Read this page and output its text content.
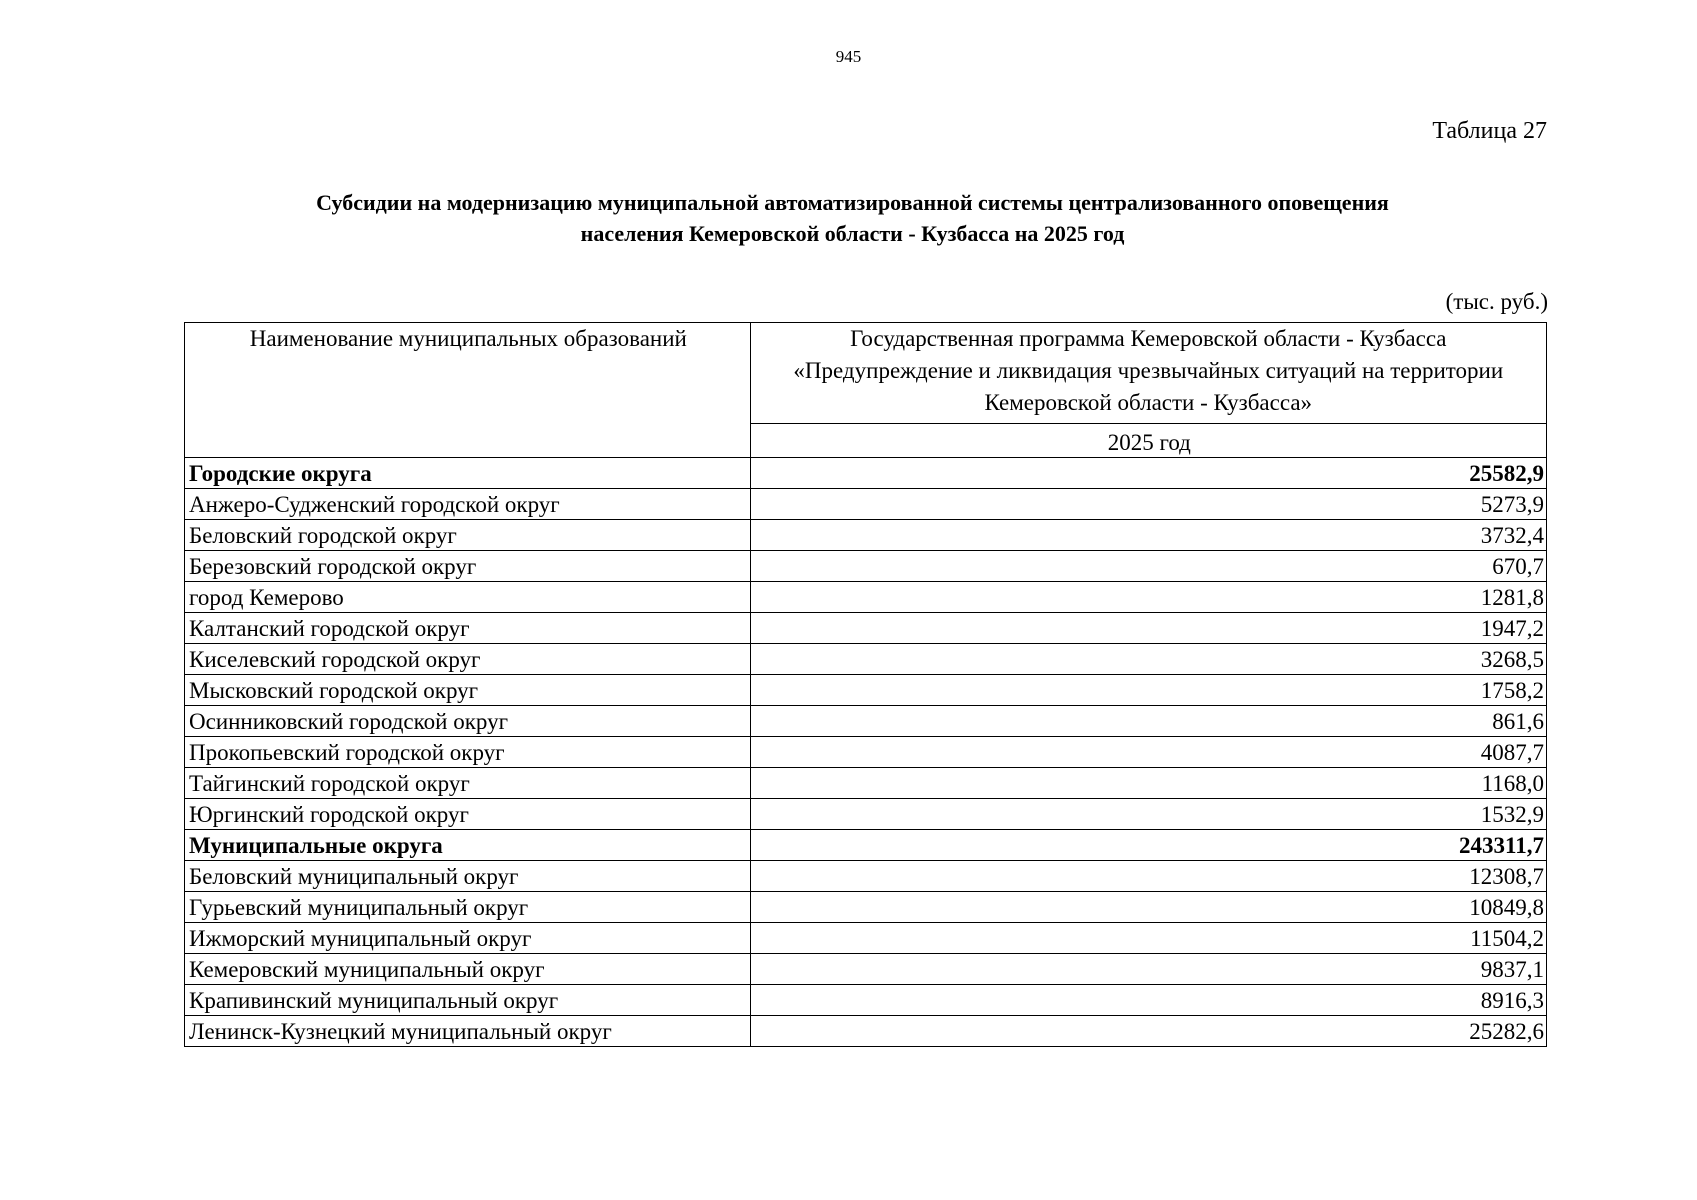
945
Таблица 27
Субсидии на модернизацию муниципальной автоматизированной системы централизованного оповещения
населения Кемеровской области - Кузбасса на 2025 год
(тыс. руб.)
Наименование муниципальных образований	Государственная программа Кемеровской области - Кузбасса
«Предупреждение и ликвидация чрезвычайных ситуаций на территории
Кемеровской области - Кузбасса»

	2025 год
Городские округа	25582,9
Анжеро-Судженский городской округ	5273,9
Беловский городской округ	3732,4
Березовский городской округ	670,7
город Кемерово	1281,8
Калтанский городской округ	1947,2
Киселевский городской округ	3268,5
Мысковский городской округ	1758,2
Осинниковский городской округ	861,6
Прокопьевский городской округ	4087,7
Тайгинский городской округ	1168,0
Юргинский городской округ	1532,9
Муниципальные округа	243311,7
Беловский муниципальный округ	12308,7
Гурьевский муниципальный округ	10849,8
Ижморский муниципальный округ	11504,2
Кемеровский муниципальный округ	9837,1
Крапивинский муниципальный округ	8916,3
Ленинск-Кузнецкий муниципальный округ	25282,6
